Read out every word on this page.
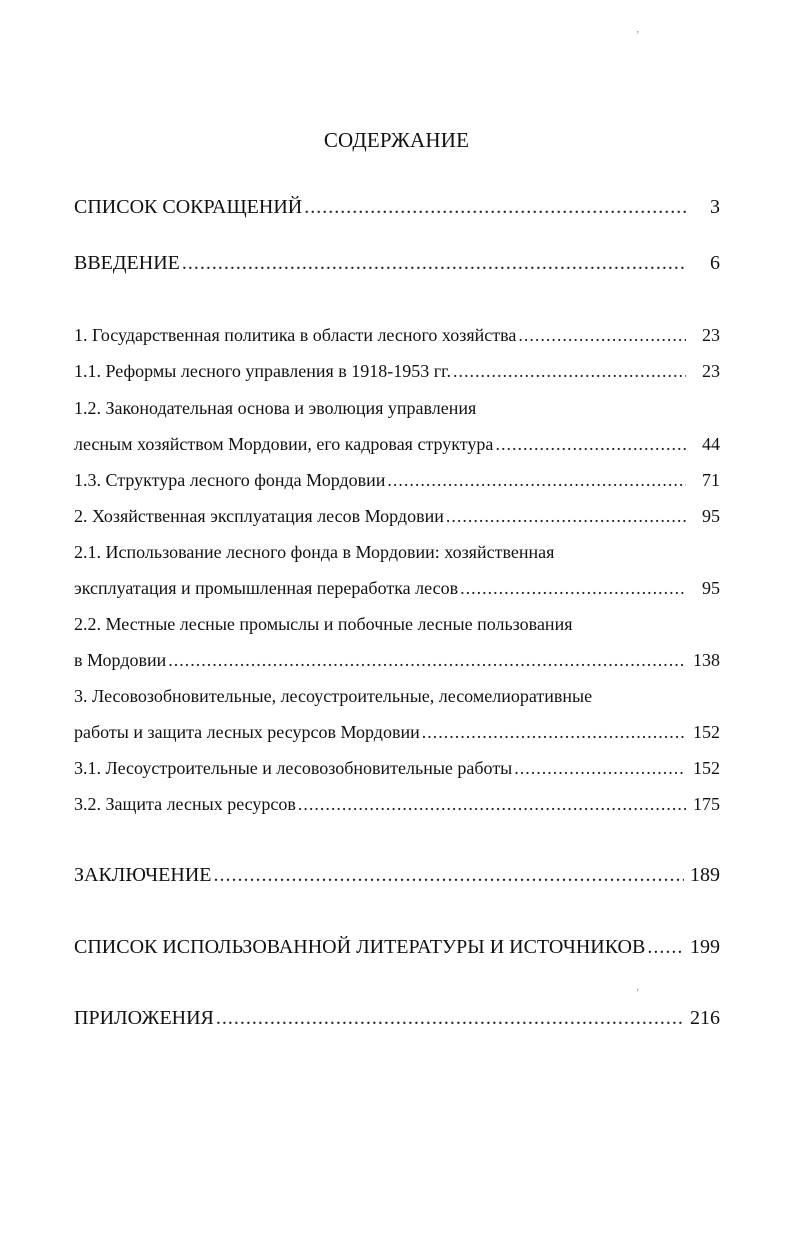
’
СОДЕРЖАНИЕ
СПИСОК СОКРАЩЕНИЙ .....	3
ВВЕДЕНИЕ .....	6
1. Государственная политика в области лесного хозяйства .....	23
1.1. Реформы лесного управления в 1918-1953 гг. .....	23
1.2. Законодательная основа и эволюция управления
лесным хозяйством Мордовии, его кадровая структура .....	44
1.3. Структура лесного фонда Мордовии .....	71
2. Хозяйственная эксплуатация лесов Мордовии .....	95
2.1. Использование лесного фонда в Мордовии: хозяйственная
эксплуатация и промышленная переработка лесов .....	95
2.2. Местные лесные промыслы и побочные лесные пользования
в Мордовии .....	138
3. Лесовозобновительные, лесоустроительные, лесомелиоративные
работы и защита лесных ресурсов Мордовии .....	152
3.1. Лесоустроительные и лесовозобновительные работы .....	152
3.2. Защита лесных ресурсов .....	175
ЗАКЛЮЧЕНИЕ .....	189
СПИСОК ИСПОЛЬЗОВАННОЙ ЛИТЕРАТУРЫ И ИСТОЧНИКОВ ..... 199
’
ПРИЛОЖЕНИЯ .....	216
